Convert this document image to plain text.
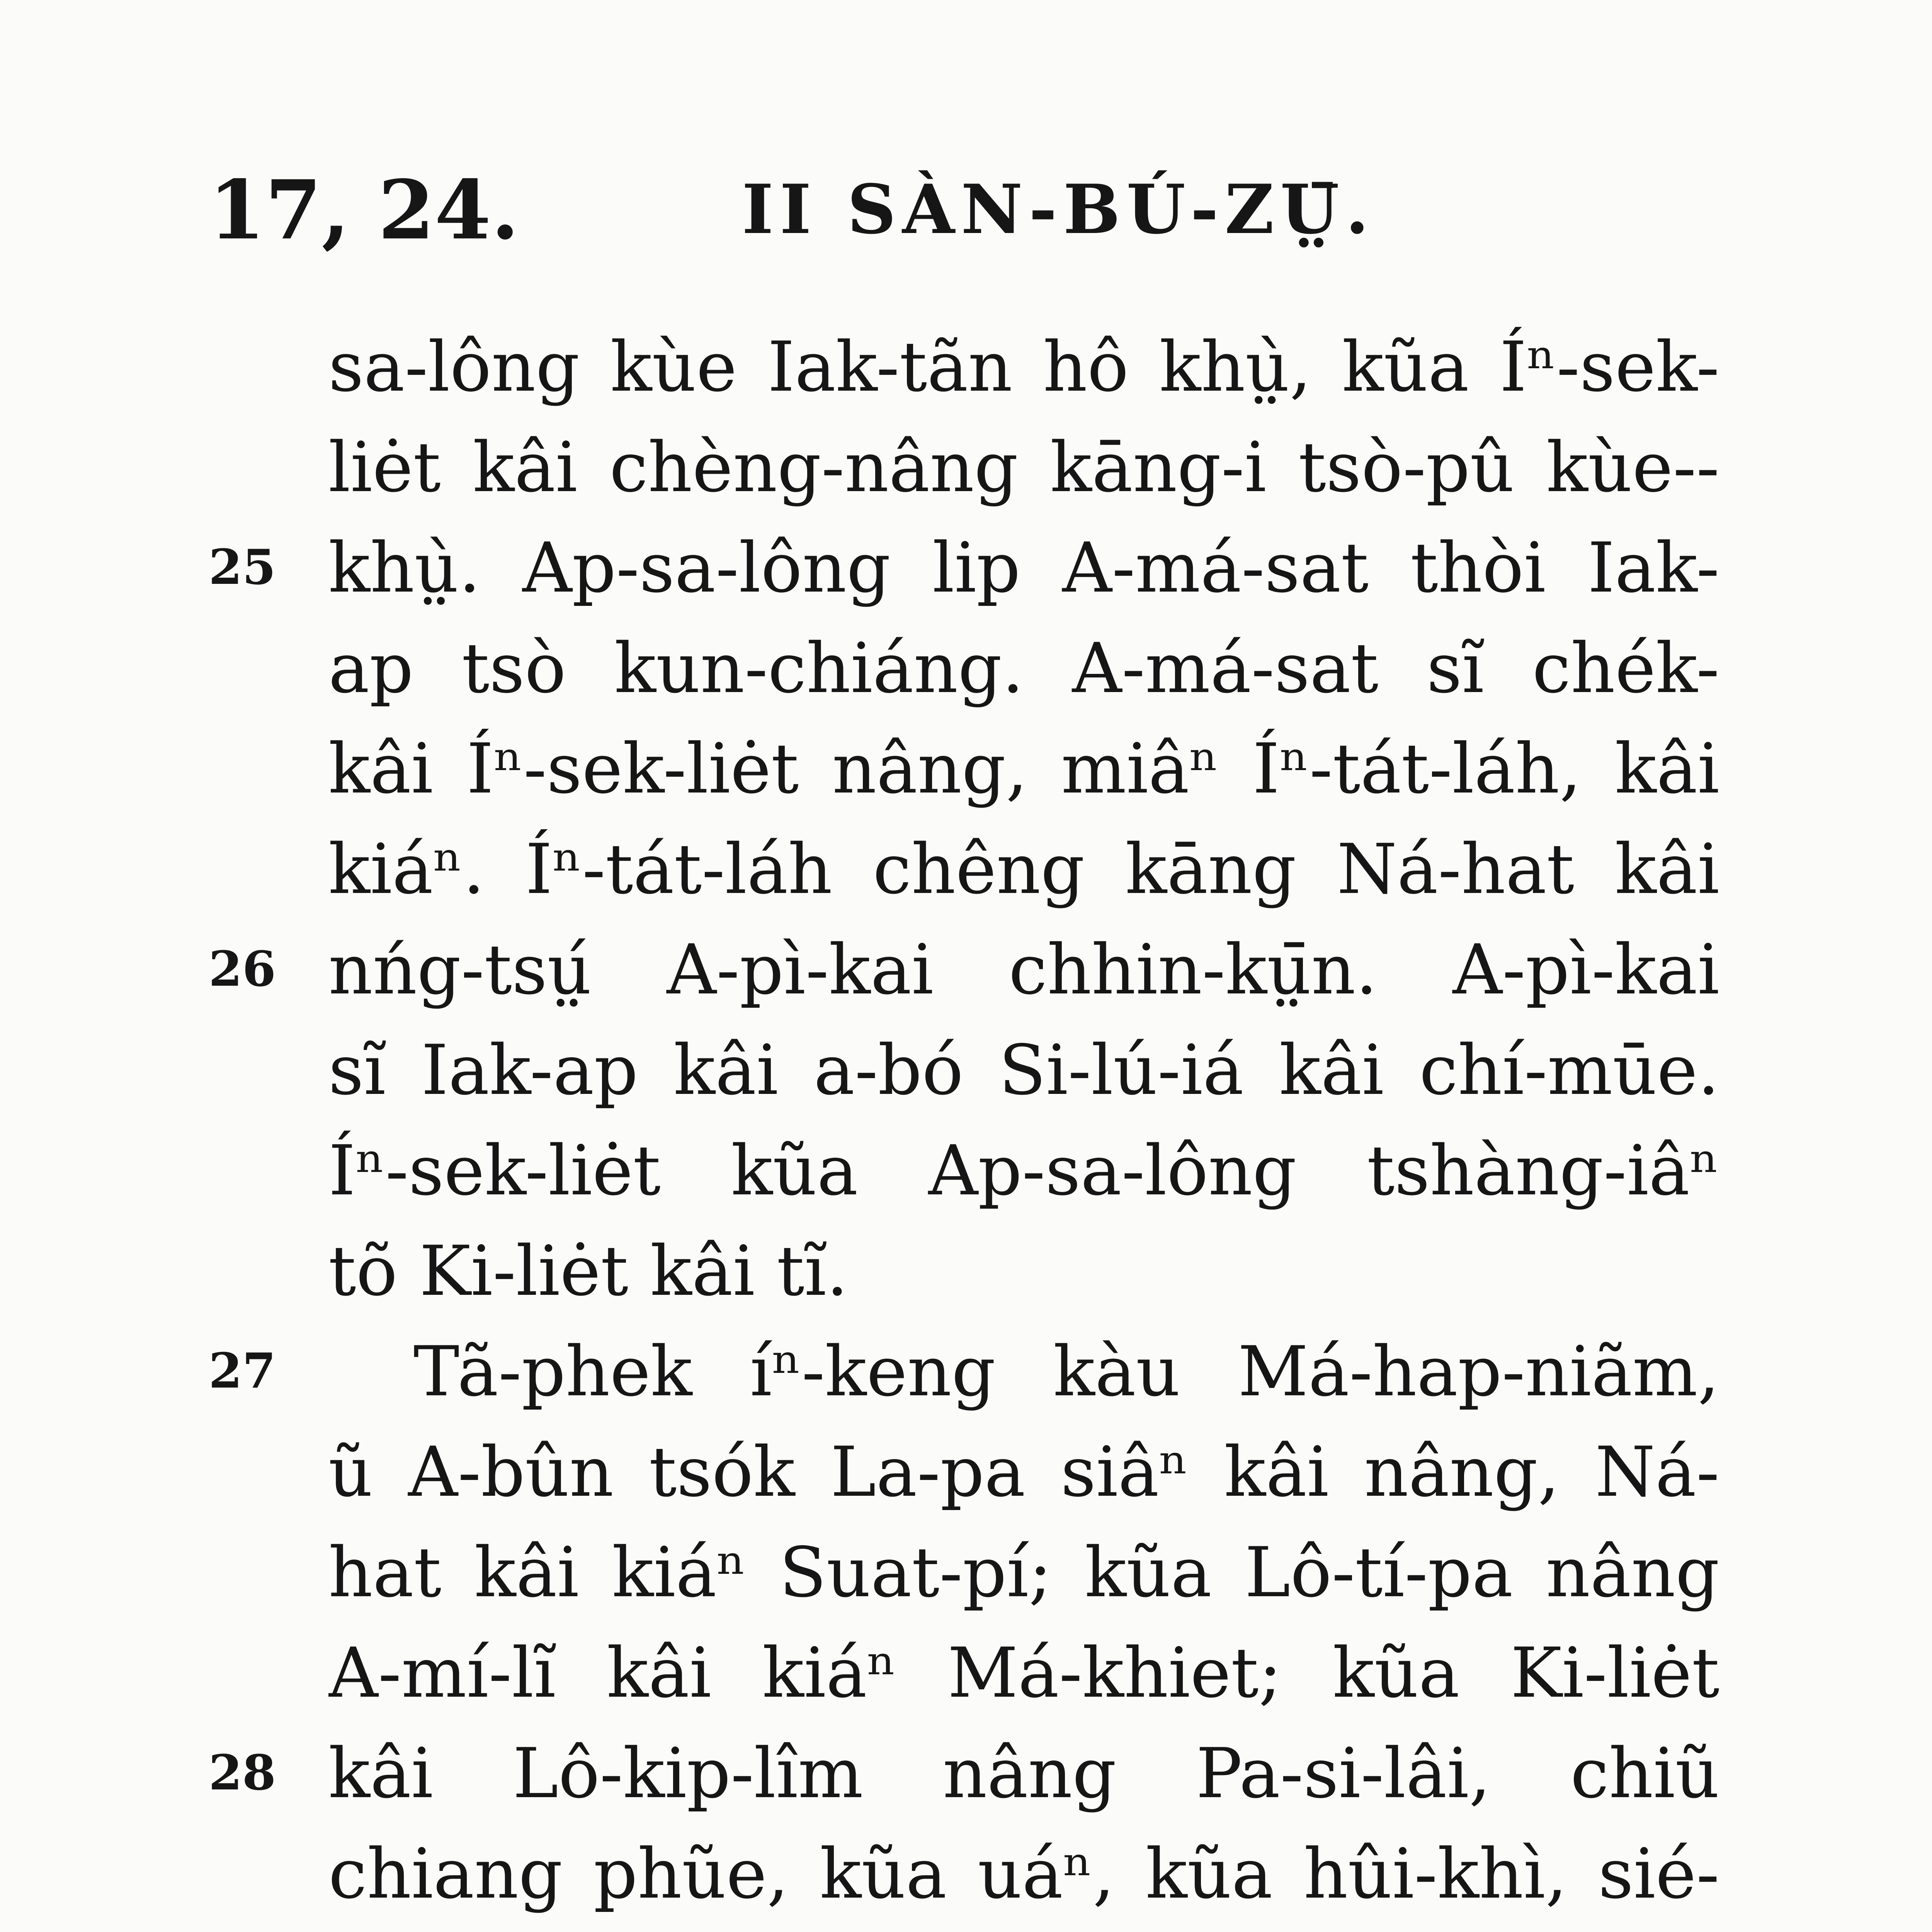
17, 24.	II SÀN-BÚ-ZṲ̄.
sa-lông kùe Iak-tãn hô khṳ̀, kũa Íⁿ-sek-
liėt kâi chèng-nâng kāng-i tsò-pû kùe--
25 khṳ̀. Ap-sa-lông lip A-má-sat thòi Iak-
ap tsò kun-chiáng. A-má-sat sĩ chék-
kâi Íⁿ-sek-liėt nâng, miâⁿ Íⁿ-tát-láh, kâi
kiáⁿ. Íⁿ-tát-láh chêng kāng Ná-hat kâi
26 nńg-tsṳ́ A-pì-kai chhin-kṳ̄n. A-pì-kai
sĩ Iak-ap kâi a-bó Si-lú-iá kâi chí-mūe.
Íⁿ-sek-liėt kũa Ap-sa-lông tshàng-iâⁿ
tõ Ki-liėt kâi tĩ.
27	Tã-phek íⁿ-keng kàu Má-hap-niãm,
ũ A-bûn tsók La-pa siâⁿ kâi nâng, Ná-
hat kâi kiáⁿ Suat-pí; kũa Lô-tí-pa nâng
A-mí-lĩ kâi kiáⁿ Má-khiet; kũa Ki-liėt
28 kâi Lô-kip-lîm nâng Pa-si-lâi, chiũ
chiang phũe, kũa uáⁿ, kũa hûi-khì, sié-
